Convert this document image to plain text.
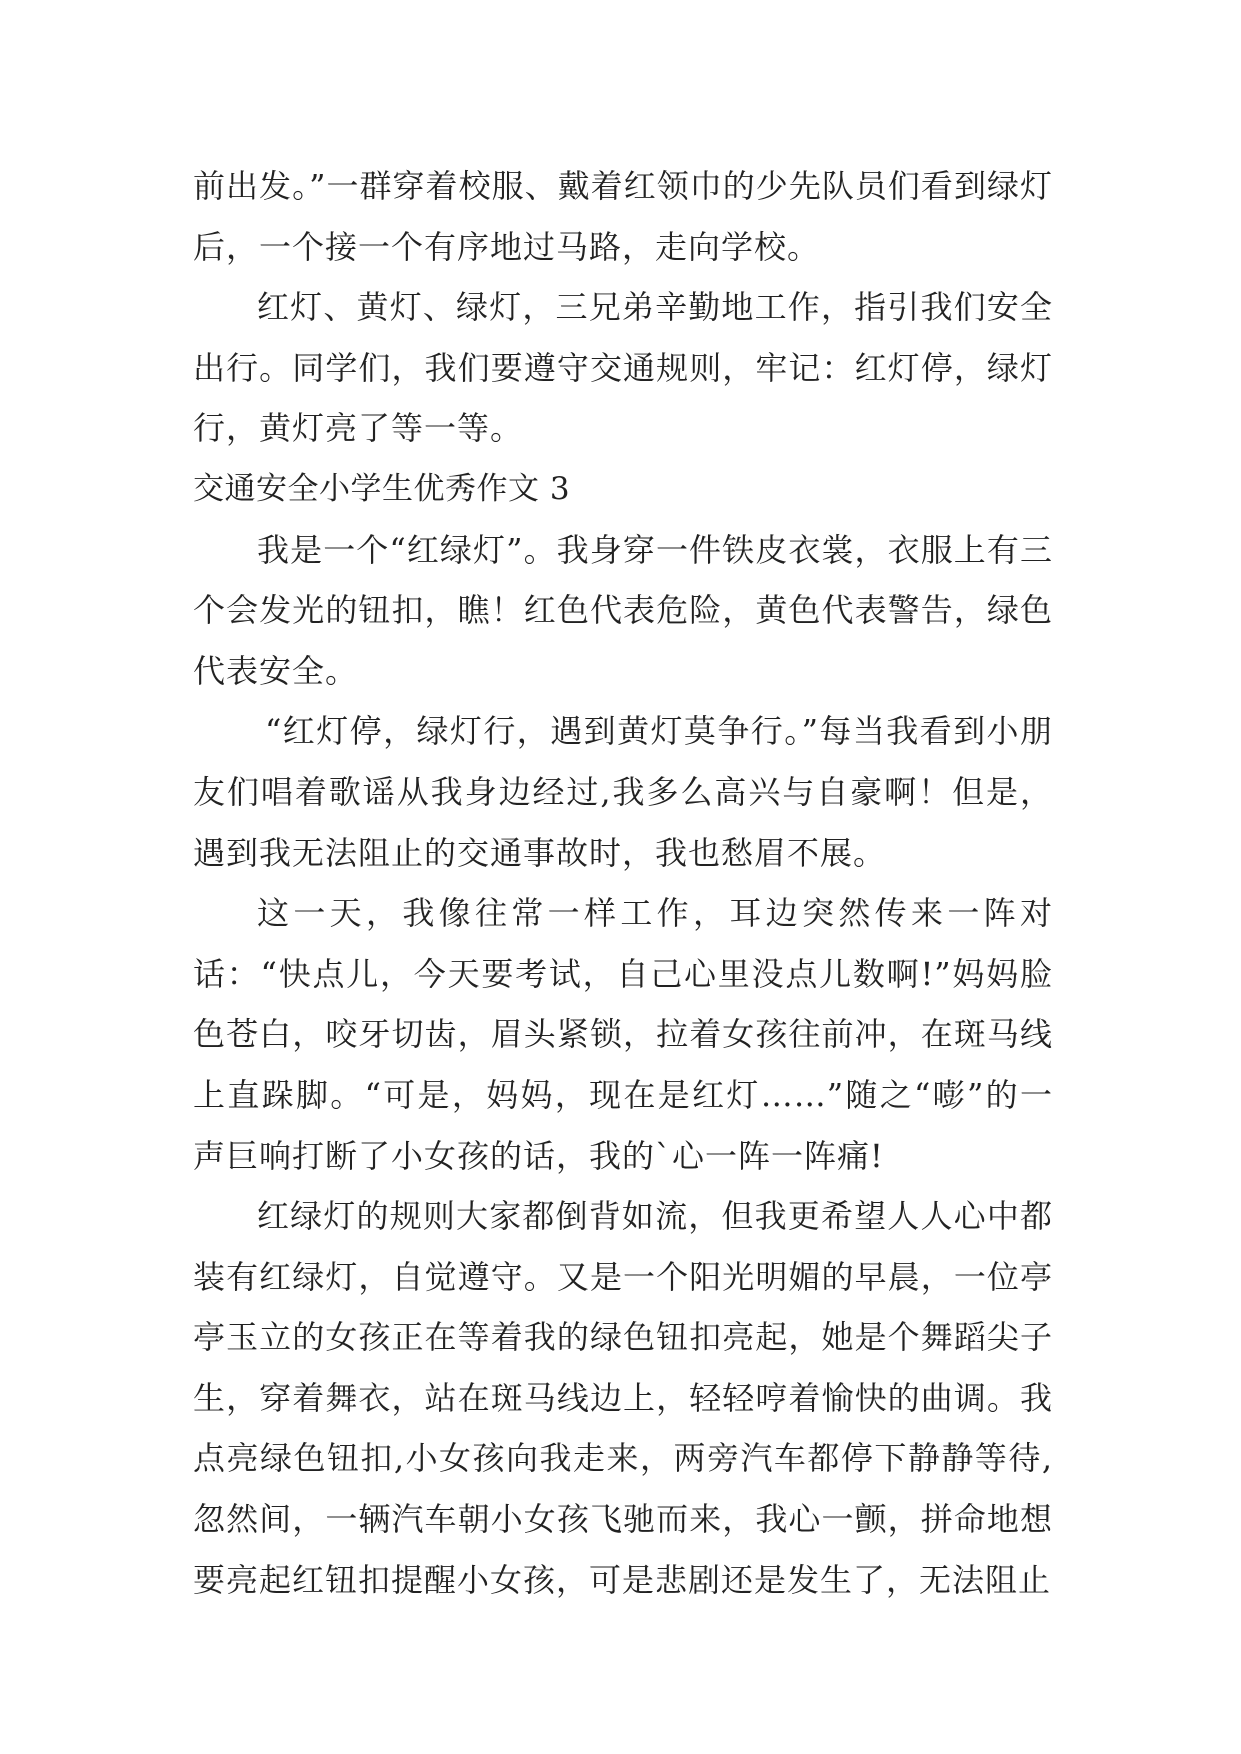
前出发。”一群穿着校服、戴着红领巾的少先队员们看到绿灯后，一个接一个有序地过马路，走向学校。

红灯、黄灯、绿灯，三兄弟辛勤地工作，指引我们安全出行。同学们，我们要遵守交通规则，牢记：红灯停，绿灯行，黄灯亮了等一等。

交通安全小学生优秀作文 3

我是一个“红绿灯”。我身穿一件铁皮衣裳，衣服上有三个会发光的钮扣，瞧！红色代表危险，黄色代表警告，绿色代表安全。

“红灯停，绿灯行，遇到黄灯莫争行。”每当我看到小朋友们唱着歌谣从我身边经过,我多么高兴与自豪啊！但是，遇到我无法阻止的交通事故时，我也愁眉不展。

这一天，我像往常一样工作，耳边突然传来一阵对话：“快点儿，今天要考试，自己心里没点儿数啊!”妈妈脸色苍白，咬牙切齿，眉头紧锁，拉着女孩往前冲，在斑马线上直跺脚。“可是，妈妈，现在是红灯……”随之“嘭”的一声巨响打断了小女孩的话，我的`心一阵一阵痛!

红绿灯的规则大家都倒背如流，但我更希望人人心中都装有红绿灯，自觉遵守。又是一个阳光明媚的早晨，一位亭亭玉立的女孩正在等着我的绿色钮扣亮起，她是个舞蹈尖子生，穿着舞衣，站在斑马线边上，轻轻哼着愉快的曲调。我点亮绿色钮扣,小女孩向我走来，两旁汽车都停下静静等待,忽然间，一辆汽车朝小女孩飞驰而来，我心一颤，拼命地想要亮起红钮扣提醒小女孩，可是悲剧还是发生了，无法阻止
